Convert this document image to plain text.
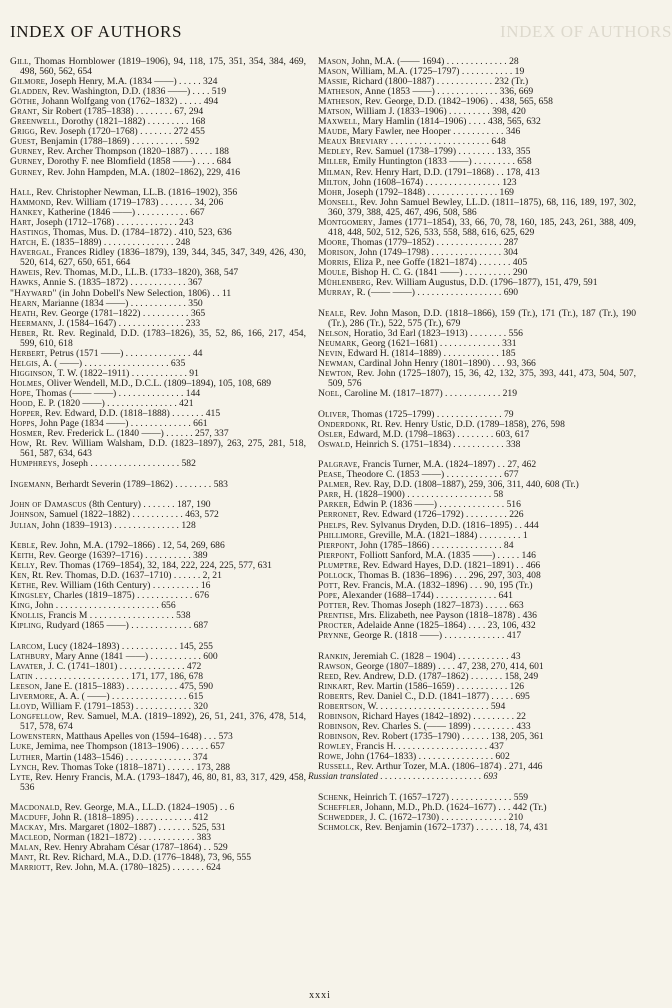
INDEX OF AUTHORS	INDEX OF AUTHORS
Gill, Thomas Hornblower (1819–1906), 94, 118, 175, 351, 354, 384, 469, 498, 560, 562, 654
Gilmore, Joseph Henry, M.A. (1834 ——) . . . . . 324
Gladden, Rev. Washington, D.D. (1836 ——) . . . . 519
Göthe, Johann Wolfgang von (1762–1832) . . . . . 494
Grant, Sir Robert (1785–1838) . . . . . . . . 67, 294
Greenwell, Dorothy (1821–1882) . . . . . . . . . 168
Grigg, Rev. Joseph (1720–1768) . . . . . . . 272 455
Guest, Benjamin (1788–1869) . . . . . . . . . . . 592
Gurney, Rev. Archer Thompson (1820–1887) . . . . . 188
Gurney, Dorothy F. nee Blomfield (1858 ——) . . . . 684
Gurney, Rev. John Hampden, M.A. (1802–1862), 229, 416
Hall, Rev. Christopher Newman, LL.B. (1816–1902), 356
Hammond, Rev. William (1719–1783) . . . . . . . 34, 206
Hankey, Katherine (1846 ——) . . . . . . . . . . . 667
Hart, Joseph (1712–1768) . . . . . . . . . . . . . 243
Hastings, Thomas, Mus. D. (1784–1872) . 410, 523, 636
Hatch, E. (1835–1889) . . . . . . . . . . . . . . . 248
Havergal, Frances Ridley (1836–1879), 139, 344, 345, 347, 349, 426, 430, 520, 614, 627, 650, 651, 664
Haweis, Rev. Thomas, M.D., LL.B. (1733–1820), 368, 547
Hawks, Annie S. (1835–1872) . . . . . . . . . . . . 367
"Hayward" (in John Dobell's New Selection, 1806) . . 11
Hearn, Marianne (1834 ——) . . . . . . . . . . . . 350
Heath, Rev. George (1781–1822) . . . . . . . . . . 365
Heermann, J. (1584–1647) . . . . . . . . . . . . . . 233
Heber, Rt. Rev. Reginald, D.D. (1783–1826), 35, 52, 86, 166, 217, 454, 599, 610, 618
Herbert, Petrus (1571 ——) . . . . . . . . . . . . . . 44
Helgis, A. ( ——) . . . . . . . . . . . . . . . . . . 635
Higginson, T. W. (1822–1911) . . . . . . . . . . . . 91
Holmes, Oliver Wendell, M.D., D.C.L. (1809–1894), 105, 108, 689
Hope, Thomas (—— ——) . . . . . . . . . . . . . . 144
Hood, E. P. (1820 ——) . . . . . . . . . . . . . . . 421
Hopper, Rev. Edward, D.D. (1818–1888) . . . . . . . 415
Hopps, John Page (1834 ——) . . . . . . . . . . . . . 661
Hosmer, Rev. Frederick L. (1840 ——) . . . . . . 257, 337
How, Rt. Rev. William Walsham, D.D. (1823–1897), 263, 275, 281, 518, 561, 587, 634, 643
Humphreys, Joseph . . . . . . . . . . . . . . . . . . . 582
Ingemann, Berhardt Severin (1789–1862) . . . . . . . . 583
John of Damascus (8th Century) . . . . . . . 187, 190
Johnson, Samuel (1822–1882) . . . . . . . . . . . 463, 572
Julian, John (1839–1913) . . . . . . . . . . . . . . 128
Keble, Rev. John, M.A. (1792–1866) . 12, 54, 269, 686
Keith, Rev. George (1639?–1716) . . . . . . . . . . 389
Kelly, Rev. Thomas (1769–1854), 32, 184, 222, 224, 225, 577, 631
Ken, Rt. Rev. Thomas, D.D. (1637–1710) . . . . . . 2, 21
Kethe, Rev. William (16th Century) . . . . . . . . . . 16
Kingsley, Charles (1819–1875) . . . . . . . . . . . . 676
King, John . . . . . . . . . . . . . . . . . . . . . . 656
Knollis, Francis M . . . . . . . . . . . . . . . . . . 538
Kipling, Rudyard (1865 ——) . . . . . . . . . . . . . 687
Larcom, Lucy (1824–1893) . . . . . . . . . . . . 145, 255
Lathbury, Mary Anne (1841 ——) . . . . . . . . . . . 600
Lavater, J. C. (1741–1801) . . . . . . . . . . . . . . 472
Latin . . . . . . . . . . . . . . . . . . . . 171, 177, 186, 678
Leeson, Jane E. (1815–1883) . . . . . . . . . . . 475, 590
Livermore, A. A. ( ——) . . . . . . . . . . . . . . . . 615
Lloyd, William F. (1791–1853) . . . . . . . . . . . . 320
Longfellow, Rev. Samuel, M.A. (1819–1892), 26, 51, 241, 376, 478, 514, 517, 578, 674
Lowenstern, Matthaus Apelles von (1594–1648) . . . 573
Luke, Jemima, nee Thompson (1813–1906) . . . . . . 657
Luther, Martin (1483–1546) . . . . . . . . . . . . . . 374
Lynch, Rev. Thomas Toke (1818–1871) . . . . . . 173, 288
Lyte, Rev. Henry Francis, M.A. (1793–1847), 46, 80, 81, 83, 317, 429, 458, 536
Macdonald, Rev. George, M.A., LL.D. (1824–1905) . . 6
Macduff, John R. (1818–1895) . . . . . . . . . . . . 412
Mackay, Mrs. Margaret (1802–1887) . . . . . . . 525, 531
Macleod, Norman (1821–1872) . . . . . . . . . . . . 383
Malan, Rev. Henry Abraham César (1787–1864) . . 529
Mant, Rt. Rev. Richard, M.A., D.D. (1776–1848), 73, 96, 555
Marriott, Rev. John, M.A. (1780–1825) . . . . . . . 624
Mason, John, M.A. (—— 1694) . . . . . . . . . . . . . 28
Mason, William, M.A. (1725–1797) . . . . . . . . . . . 19
Massie, Richard (1800–1887) . . . . . . . . . . . . 232 (Tr.)
Matheson, Anne (1853 ——) . . . . . . . . . . . . . 336, 669
Matheson, Rev. George, D.D. (1842–1906) . . 438, 565, 658
Matson, William J. (1833–1906) . . . . . . . . . 398, 420
Maxwell, Mary Hamlin (1814–1906) . . . . 438, 565, 632
Maude, Mary Fawler, nee Hooper . . . . . . . . . . . 346
Meaux Breviary . . . . . . . . . . . . . . . . . . . . . 648
Medley, Rev. Samuel (1738–1799) . . . . . . . . 133, 355
Miller, Emily Huntington (1833 ——) . . . . . . . . . 658
Milman, Rev. Henry Hart, D.D. (1791–1868) . . 178, 413
Milton, John (1608–1674) . . . . . . . . . . . . . . . . 123
Mohr, Joseph (1792–1848) . . . . . . . . . . . . . . . 169
Monsell, Rev. John Samuel Bewley, LL.D. (1811–1875), 68, 116, 189, 197, 302, 360, 379, 388, 425, 467, 496, 508, 586
Montgomery, James (1771–1854), 33, 66, 70, 78, 160, 185, 243, 261, 388, 409, 418, 448, 502, 512, 526, 533, 558, 588, 616, 625, 629
Moore, Thomas (1779–1852) . . . . . . . . . . . . . . 287
Morison, John (1749–1798) . . . . . . . . . . . . . . . 304
Morris, Eliza P., nee Goffe (1821–1874) . . . . . . . 405
Moule, Bishop H. C. G. (1841 ——) . . . . . . . . . . 290
Mühlenberg, Rev. William Augustus, D.D. (1796–1877), 151, 479, 591
Murray, R. (—— ——) . . . . . . . . . . . . . . . . . . 690
Neale, Rev. John Mason, D.D. (1818–1866), 159 (Tr.), 171 (Tr.), 187 (Tr.), 190 (Tr.), 286 (Tr.), 522, 575 (Tr.), 679
Nelson, Horatio, 3d Earl (1823–1913) . . . . . . . . 556
Neumark, Georg (1621–1681) . . . . . . . . . . . . . 331
Nevin, Edward H. (1814–1889) . . . . . . . . . . . . 185
Newman, Cardinal John Henry (1801–1890) . . . 93, 366
Newton, Rev. John (1725–1807), 15, 36, 42, 132, 375, 393, 441, 473, 504, 507, 509, 576
Noel, Caroline M. (1817–1877) . . . . . . . . . . . . 219
Oliver, Thomas (1725–1799) . . . . . . . . . . . . . . 79
Onderdonk, Rt. Rev. Henry Ustic, D.D. (1789–1858), 276, 598
Osler, Edward, M.D. (1798–1863) . . . . . . . . 603, 617
Oswald, Heinrich S. (1751–1834) . . . . . . . . . . . 338
Palgrave, Francis Turner, M.A. (1824–1897) . . 27, 462
Pease, Theodore C. (1853 ——) . . . . . . . . . . . . 677
Palmer, Rev. Ray, D.D. (1808–1887), 259, 306, 311, 440, 608 (Tr.)
Parr, H. (1828–1900) . . . . . . . . . . . . . . . . . . 58
Parker, Edwin P. (1836 ——) . . . . . . . . . . . . . . 516
Perronet, Rev. Edward (1726–1792) . . . . . . . . . 226
Phelps, Rev. Sylvanus Dryden, D.D. (1816–1895) . . 444
Phillimore, Greville, M.A. (1821–1884) . . . . . . . . . 1
Pierpont, John (1785–1866) . . . . . . . . . . . . . . . 84
Pierpont, Folliott Sanford, M.A. (1835 ——) . . . . . 146
Plumptre, Rev. Edward Hayes, D.D. (1821–1891) . . 466
Pollock, Thomas B. (1836–1896) . . . 296, 297, 303, 408
Pott, Rev. Francis, M.A. (1832–1896) . . . 90, 195 (Tr.)
Pope, Alexander (1688–1744) . . . . . . . . . . . . . 641
Potter, Rev. Thomas Joseph (1827–1873) . . . . . 663
Prentise, Mrs. Elizabeth, nee Payson (1818–1878) . 436
Procter, Adelaide Anne (1825–1864) . . . . 23, 106, 432
Prynne, George R. (1818 ——) . . . . . . . . . . . . . 417
Rankin, Jeremiah C. (1828 – 1904) . . . . . . . . . . . 43
Rawson, George (1807–1889) . . . . 47, 238, 270, 414, 601
Reed, Rev. Andrew, D.D. (1787–1862) . . . . . . . 158, 249
Rinkart, Rev. Martin (1586–1659) . . . . . . . . . . . 126
Roberts, Rev. Daniel C., D.D. (1841–1877) . . . . . 695
Robertson, W. . . . . . . . . . . . . . . . . . . . . . . . 594
Robinson, Richard Hayes (1842–1892) . . . . . . . . . 22
Robinson, Rev. Charles S. (—— 1899) . . . . . . . . . 433
Robinson, Rev. Robert (1735–1790) . . . . . . 138, 205, 361
Rowley, Francis H. . . . . . . . . . . . . . . . . . . . 437
Rowe, John (1764–1833) . . . . . . . . . . . . . . . . 602
Russell, Rev. Arthur Tozer, M.A. (1806–1874) . 271, 446
Russian translated . . . . . . . . . . . . . . . . . . . . . . 693
Schenk, Heinrich T. (1657–1727) . . . . . . . . . . . . . 559
Scheffler, Johann, M.D., Ph.D. (1624–1677) . . . 442 (Tr.)
Schwedder, J. C. (1672–1730) . . . . . . . . . . . . . . 210
Schmolck, Rev. Benjamin (1672–1737) . . . . . . 18, 74, 431
xxxi
